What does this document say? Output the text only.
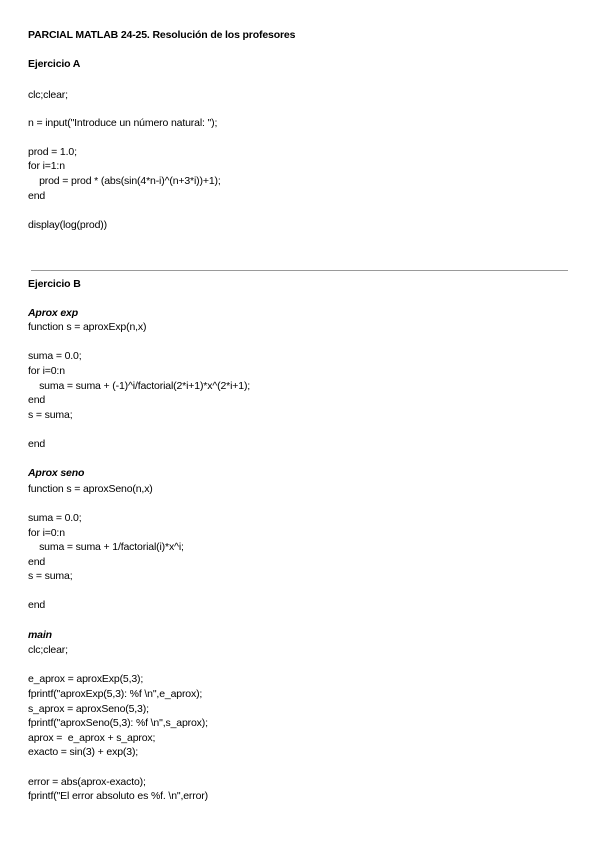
PARCIAL MATLAB 24-25. Resolución de los profesores
Ejercicio A
clc;clear;
n = input("Introduce un número natural: ");
prod = 1.0;
for i=1:n
prod = prod * (abs(sin(4*n-i)^(n+3*i))+1);
end
display(log(prod))
Ejercicio B
Aprox exp
function s = aproxExp(n,x)
suma = 0.0;
for i=0:n
suma = suma + (-1)^i/factorial(2*i+1)*x^(2*i+1);
end
s = suma;
end
Aprox seno
function s = aproxSeno(n,x)
suma = 0.0;
for i=0:n
suma = suma + 1/factorial(i)*x^i;
end
s = suma;
end
main
clc;clear;
e_aprox = aproxExp(5,3);
fprintf("aproxExp(5,3): %f \n",e_aprox);
s_aprox = aproxSeno(5,3);
fprintf("aproxSeno(5,3): %f \n",s_aprox);
aprox =  e_aprox + s_aprox;
exacto = sin(3) + exp(3);
error = abs(aprox-exacto);
fprintf("El error absoluto es %f. \n",error)
